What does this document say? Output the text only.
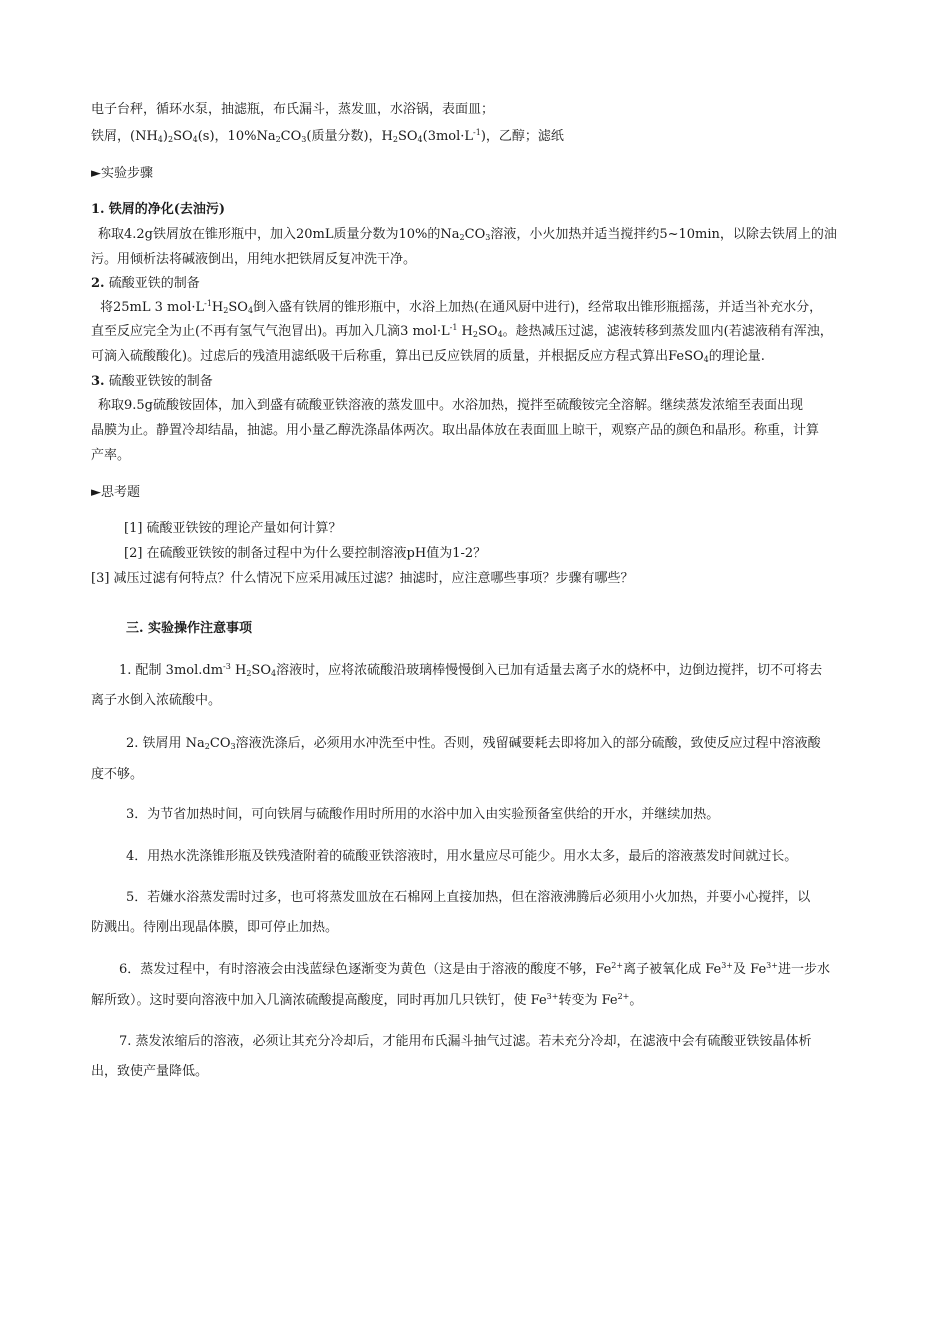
电子台秤，循环水泵，抽滤瓶，布氏漏斗，蒸发皿，水浴锅，表面皿；
铁屑，$(NH_4)_2SO_4(s)$，$10\%Na_2CO_3$(质量分数)，$H_2SO_4(3mol\cdot L^{-1})$，乙醇；滤纸
►实验步骤
1. 铁屑的净化(去油污)
称取4.2g铁屑放在锥形瓶中，加入20mL质量分数为10%的$Na_2CO_3$溶液，小火加热并适当搅拌约5~10min，以除去铁屑上的油
污。用倾析法将碱液倒出，用纯水把铁屑反复冲洗干净。
2. 硫酸亚铁的制备
将25mL 3 $mol\cdot L^{-1}H_2SO_4$倒入盛有铁屑的锥形瓶中，水浴上加热(在通风厨中进行)，经常取出锥形瓶摇荡，并适当补充水分，
直至反应完全为止(不再有氢气气泡冒出)。再加入几滴3 $mol\cdot L^{-1}$ $H_2SO_4$。趁热减压过滤，滤液转移到蒸发皿内(若滤液稍有浑浊，
可滴入硫酸酸化)。过虑后的残渣用滤纸吸干后称重，算出已反应铁屑的质量，并根据反应方程式算出FeSO$_4$的理论量.
3. 硫酸亚铁铵的制备
称取9.5g硫酸铵固体，加入到盛有硫酸亚铁溶液的蒸发皿中。水浴加热，搅拌至硫酸铵完全溶解。继续蒸发浓缩至表面出现
晶膜为止。静置冷却结晶，抽滤。用小量乙醇洗涤晶体两次。取出晶体放在表面皿上晾干，观察产品的颜色和晶形。称重，计算
产率。
►思考题
[1] 硫酸亚铁铵的理论产量如何计算？
[2] 在硫酸亚铁铵的制备过程中为什么要控制溶液pH值为1-2？
[3] 减压过滤有何特点？什么情况下应采用减压过滤？抽滤时，应注意哪些事项？步骤有哪些？
三. 实验操作注意事项
1. 配制 $3mol.dm^{-3}$ $H_2SO_4$溶液时，应将浓硫酸沿玻璃棒慢慢倒入已加有适量去离子水的烧杯中，边倒边搅拌，切不可将去
离子水倒入浓硫酸中。
2. 铁屑用 $Na_2CO_3$溶液洗涤后，必须用水冲洗至中性。否则，残留碱要耗去即将加入的部分硫酸，致使反应过程中溶液酸
度不够。
3．为节省加热时间，可向铁屑与硫酸作用时所用的水浴中加入由实验预备室供给的开水，并继续加热。
4．用热水洗涤锥形瓶及铁残渣附着的硫酸亚铁溶液时，用水量应尽可能少。用水太多，最后的溶液蒸发时间就过长。
5．若嫌水浴蒸发需时过多，也可将蒸发皿放在石棉网上直接加热，但在溶液沸腾后必须用小火加热，并要小心搅拌，以
防溅出。待刚出现晶体膜，即可停止加热。
6．蒸发过程中，有时溶液会由浅蓝绿色逐渐变为黄色（这是由于溶液的酸度不够，$Fe^{2+}$离子被氧化成 $Fe^{3+}$及 $Fe^{3+}$进一步水
解所致）。这时要向溶液中加入几滴浓硫酸提高酸度，同时再加几只铁钉，使 $Fe^{3+}$转变为 $Fe^{2+}$。
7. 蒸发浓缩后的溶液，必须让其充分冷却后，才能用布氏漏斗抽气过滤。若未充分冷却，在滤液中会有硫酸亚铁铵晶体析
出，致使产量降低。
